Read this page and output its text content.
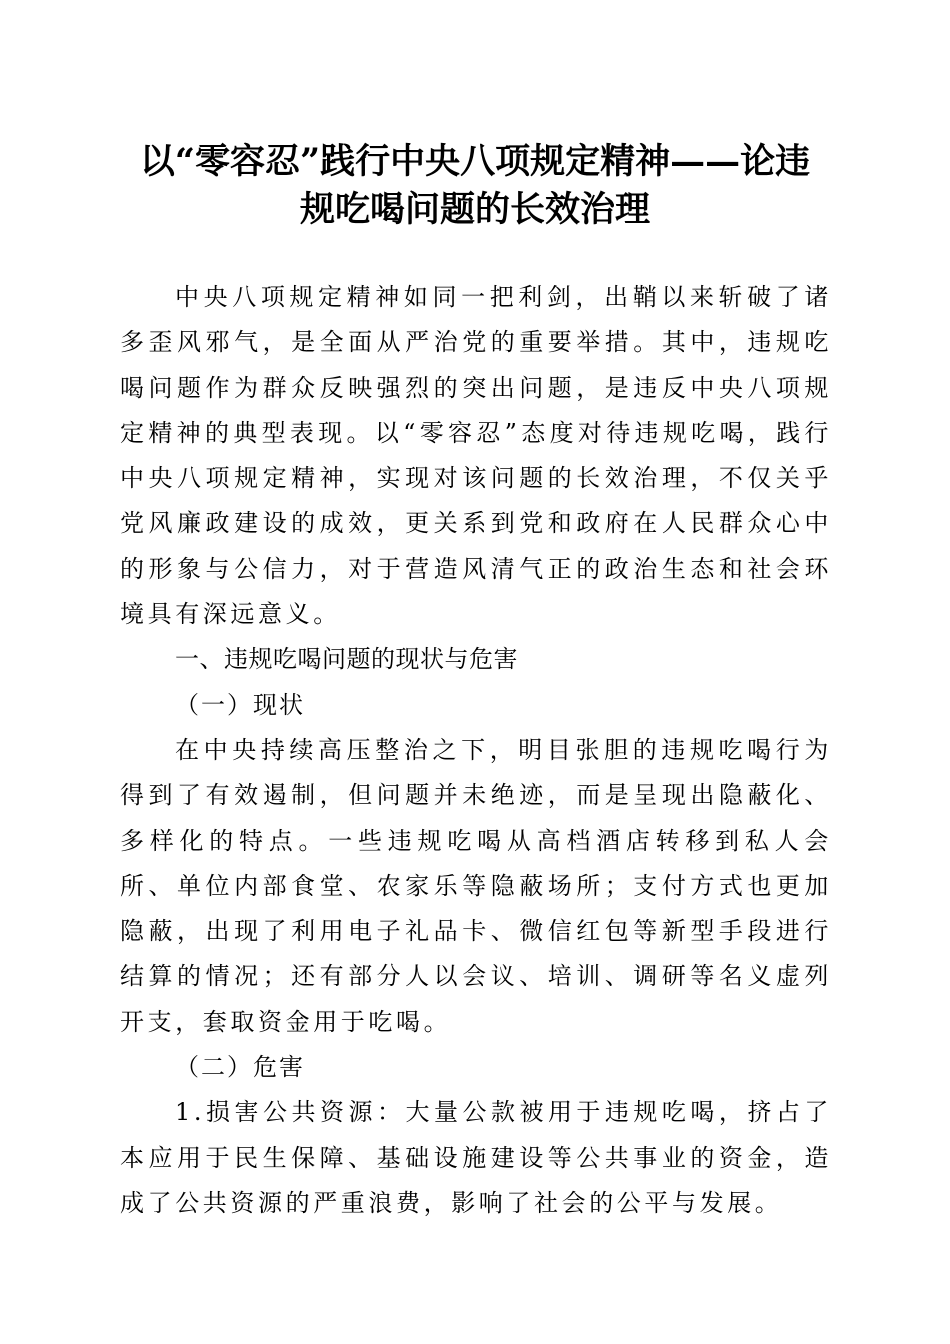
以“零容忍”践行中央八项规定精神——论违
规吃喝问题的长效治理

中央八项规定精神如同一把利剑，出鞘以来斩破了诸多歪风邪气，是全面从严治党的重要举措。其中，违规吃喝问题作为群众反映强烈的突出问题，是违反中央八项规定精神的典型表现。以“零容忍”态度对待违规吃喝，践行中央八项规定精神，实现对该问题的长效治理，不仅关乎党风廉政建设的成效，更关系到党和政府在人民群众心中的形象与公信力，对于营造风清气正的政治生态和社会环境具有深远意义。

一、违规吃喝问题的现状与危害

（一）现状

在中央持续高压整治之下，明目张胆的违规吃喝行为得到了有效遏制，但问题并未绝迹，而是呈现出隐蔽化、多样化的特点。一些违规吃喝从高档酒店转移到私人会所、单位内部食堂、农家乐等隐蔽场所；支付方式也更加隐蔽，出现了利用电子礼品卡、微信红包等新型手段进行结算的情况；还有部分人以会议、培训、调研等名义虚列开支，套取资金用于吃喝。

（二）危害

1.损害公共资源：大量公款被用于违规吃喝，挤占了本应用于民生保障、基础设施建设等公共事业的资金，造成了公共资源的严重浪费，影响了社会的公平与发展。
